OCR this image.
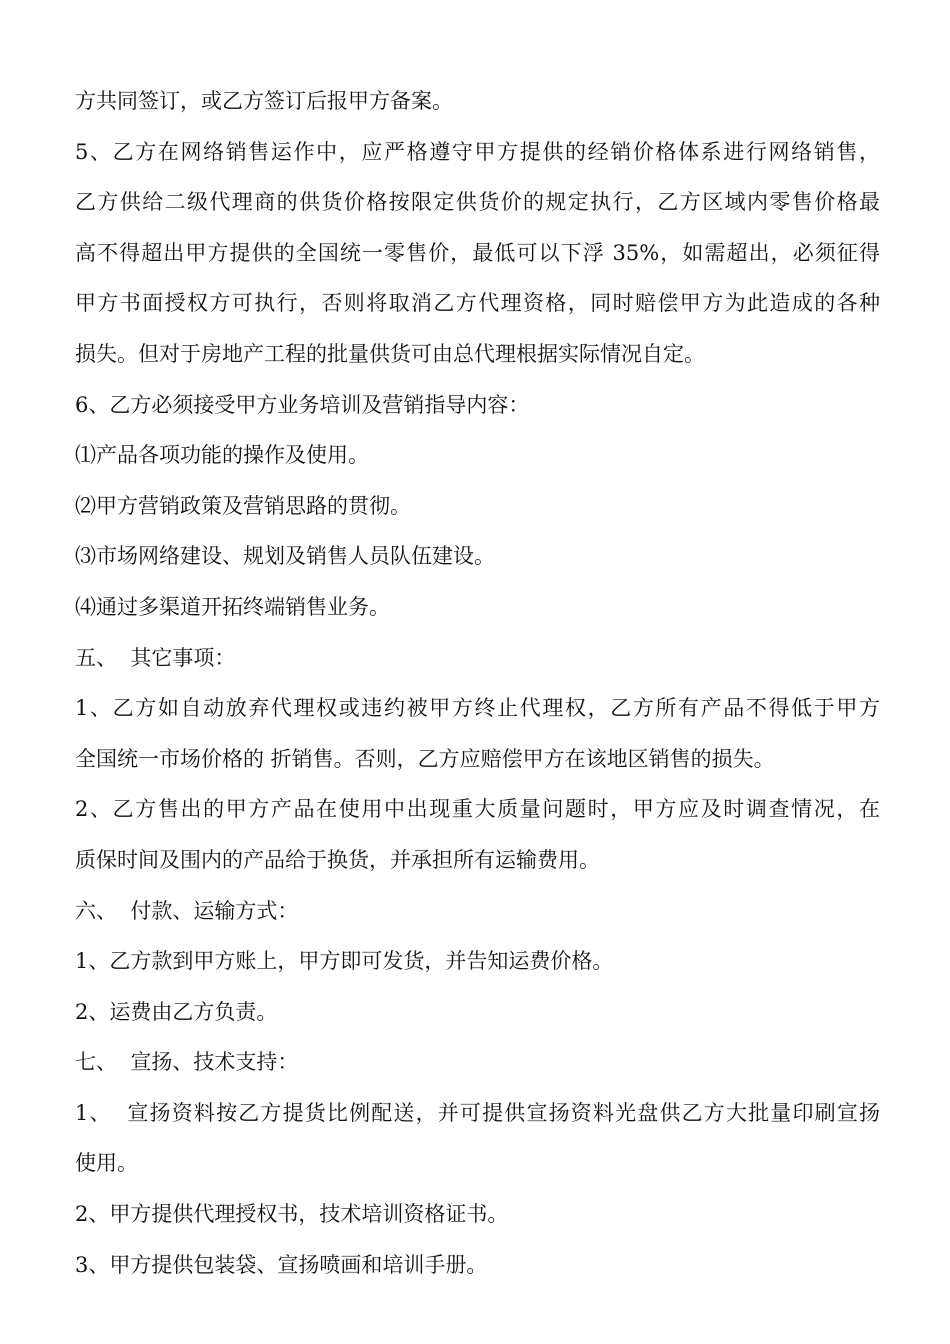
方共同签订，或乙方签订后报甲方备案。
5、乙方在网络销售运作中，应严格遵守甲方提供的经销价格体系进行网络销售，
乙方供给二级代理商的供货价格按限定供货价的规定执行，乙方区域内零售价格最
高不得超出甲方提供的全国统一零售价，最低可以下浮 35%，如需超出，必须征得
甲方书面授权方可执行，否则将取消乙方代理资格，同时赔偿甲方为此造成的各种
损失。但对于房地产工程的批量供货可由总代理根据实际情况自定。
6、乙方必须接受甲方业务培训及营销指导内容：
⑴产品各项功能的操作及使用。
⑵甲方营销政策及营销思路的贯彻。
⑶市场网络建设、规划及销售人员队伍建设。
⑷通过多渠道开拓终端销售业务。
五、  其它事项：
1、乙方如自动放弃代理权或违约被甲方终止代理权，乙方所有产品不得低于甲方
全国统一市场价格的 折销售。否则，乙方应赔偿甲方在该地区销售的损失。
2、乙方售出的甲方产品在使用中出现重大质量问题时，甲方应及时调查情况，在
质保时间及围内的产品给于换货，并承担所有运输费用。
六、  付款、运输方式：
1、乙方款到甲方账上，甲方即可发货，并告知运费价格。
2、运费由乙方负责。
七、  宣扬、技术支持：
1、  宣扬资料按乙方提货比例配送，并可提供宣扬资料光盘供乙方大批量印刷宣扬
使用。
2、甲方提供代理授权书，技术培训资格证书。
3、甲方提供包装袋、宣扬喷画和培训手册。
